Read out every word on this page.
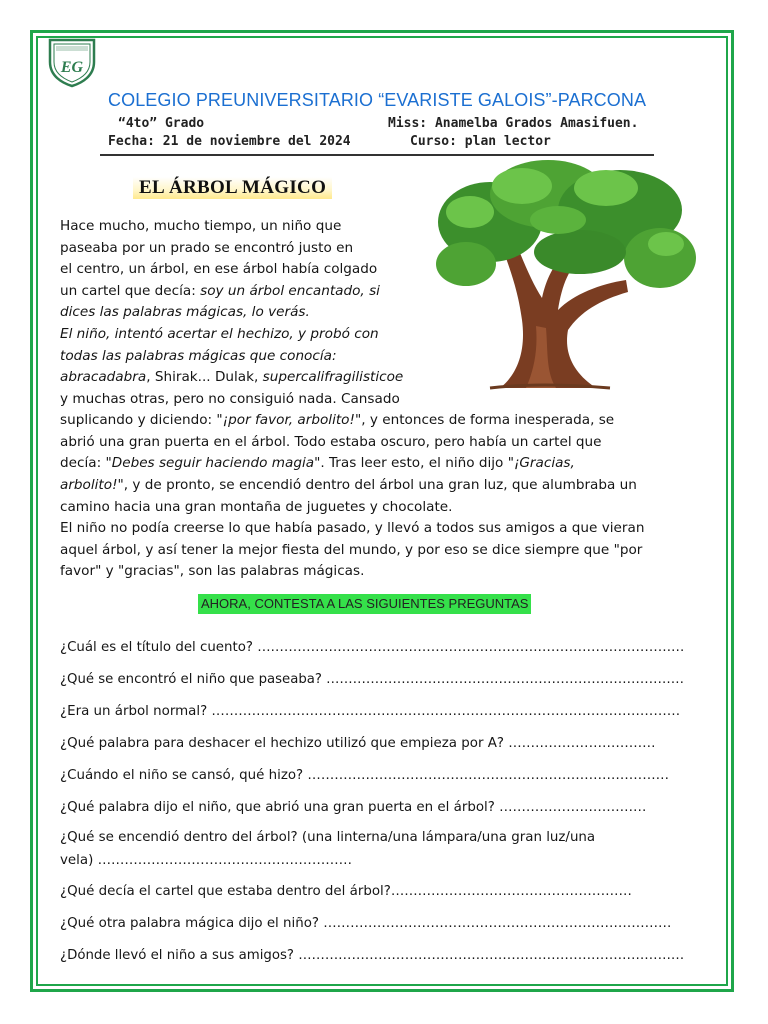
EG
COLEGIO PREUNIVERSITARIO “EVARISTE GALOIS”-PARCONA
“4to” Grado	Miss: Anamelba Grados Amasifuen.
Fecha: 21 de noviembre del 2024	Curso: plan lector
EL ÁRBOL MÁGICO
Hace mucho, mucho tiempo, un niño que
paseaba por un prado se encontró justo en
el centro, un árbol, en ese árbol había colgado
un cartel que decía: soy un árbol encantado, si
dices las palabras mágicas, lo verás.
El niño, intentó acertar el hechizo, y probó con
todas las palabras mágicas que conocía:
abracadabra, Shirak... Dulak, supercalifragilisticoe
y muchas otras, pero no consiguió nada. Cansado
suplicando y diciendo: "¡por favor, arbolito!", y entonces de forma inesperada, se
abrió una gran puerta en el árbol. Todo estaba oscuro, pero había un cartel que
decía: "Debes seguir haciendo magia". Tras leer esto, el niño dijo "¡Gracias,
arbolito!", y de pronto, se encendió dentro del árbol una gran luz, que alumbraba un
camino hacia una gran montaña de juguetes y chocolate.
El niño no podía creerse lo que había pasado, y llevó a todos sus amigos a que vieran
aquel árbol, y así tener la mejor fiesta del mundo, y por eso se dice siempre que "por
favor" y "gracias", son las palabras mágicas.
AHORA, CONTESTA A LAS SIGUIENTES PREGUNTAS
¿Cuál es el título del cuento? ……………………………………………………………………………………
¿Qué se encontró el niño que paseaba? ………………………………………………………………………
¿Era un árbol normal? ……………………………………………………………………………………………
¿Qué palabra para deshacer el hechizo utilizó que empieza por A? ……………………………
¿Cuándo el niño se cansó, qué hizo? ………………………………………………………………………
¿Qué palabra dijo el niño, que abrió una gran puerta en el árbol? ……………………………
¿Qué se encendió dentro del árbol? (una linterna/una lámpara/una gran luz/una
vela) …………………………………………………
¿Qué decía el cartel que estaba dentro del árbol?………………………………………………
¿Qué otra palabra mágica dijo el niño? ……………………………………………………………………
¿Dónde llevó el niño a sus amigos? ……………………………………………………………………………
